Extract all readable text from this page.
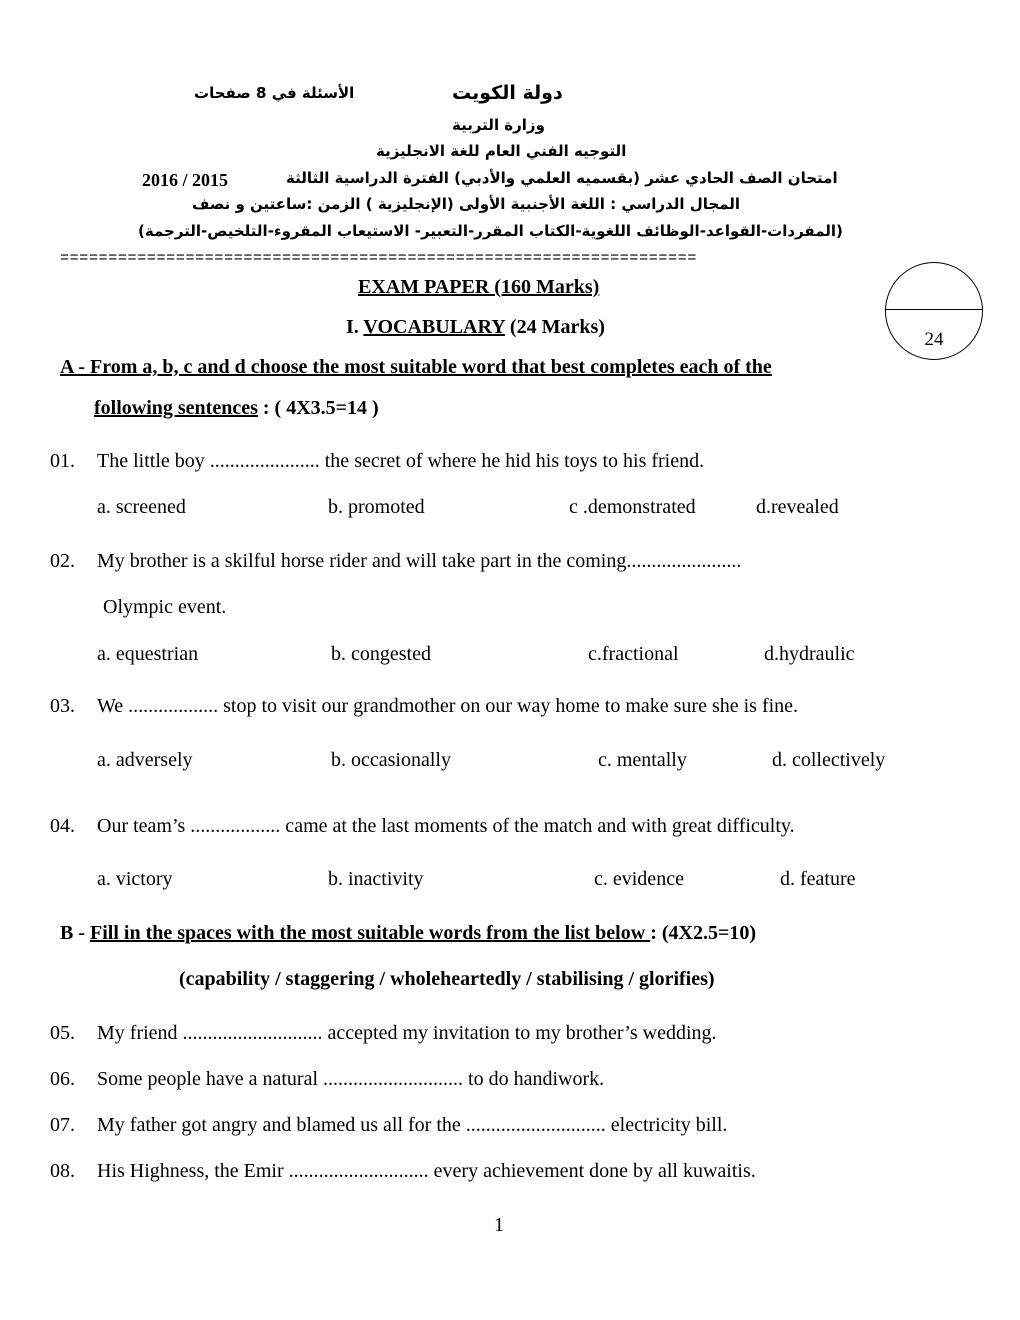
دولة الكويت
الأسئلة في 8 صفحات
وزارة التربية
التوجيه الفني العام للغة الانجليزية
امتحان الصف الحادي عشر (بقسميه العلمي والأدبي) الفترة الدراسية الثالثة
2016 / 2015
المجال الدراسي : اللغة الأجنبية الأولى (الإنجليزية ) الزمن :ساعتين و نصف
(المفردات-القواعد-الوظائف اللغوية-الكتاب المقرر-التعبير- الاستيعاب المقروء-التلخيص-الترجمة)
==================================================================
24
EXAM PAPER (160 Marks)
I. VOCABULARY (24 Marks)
A - From a, b, c and d choose the most suitable word that best completes each of the
following sentences : ( 4X3.5=14 )
01. The little boy ...................... the secret of where he hid his toys to his friend.
a. screened	b. promoted	c .demonstrated	d.revealed
02. My brother is a skilful horse rider and will take part in the coming.......................
Olympic event.
a. equestrian	b. congested	c.fractional	d.hydraulic
03. We .................. stop to visit our grandmother on our way home to make sure she is fine.
a. adversely	b. occasionally	c. mentally	d. collectively
04. Our team’s .................. came at the last moments of the match and with great difficulty.
a. victory	b. inactivity	c. evidence	d. feature
B - Fill in the spaces with the most suitable words from the list below : (4X2.5=10)
(capability / staggering / wholeheartedly / stabilising / glorifies)
05. My friend ............................ accepted my invitation to my brother’s wedding.
06. Some people have a natural ............................ to do handiwork.
07. My father got angry and blamed us all for the ............................ electricity bill.
08. His Highness, the Emir ............................ every achievement done by all kuwaitis.
1
